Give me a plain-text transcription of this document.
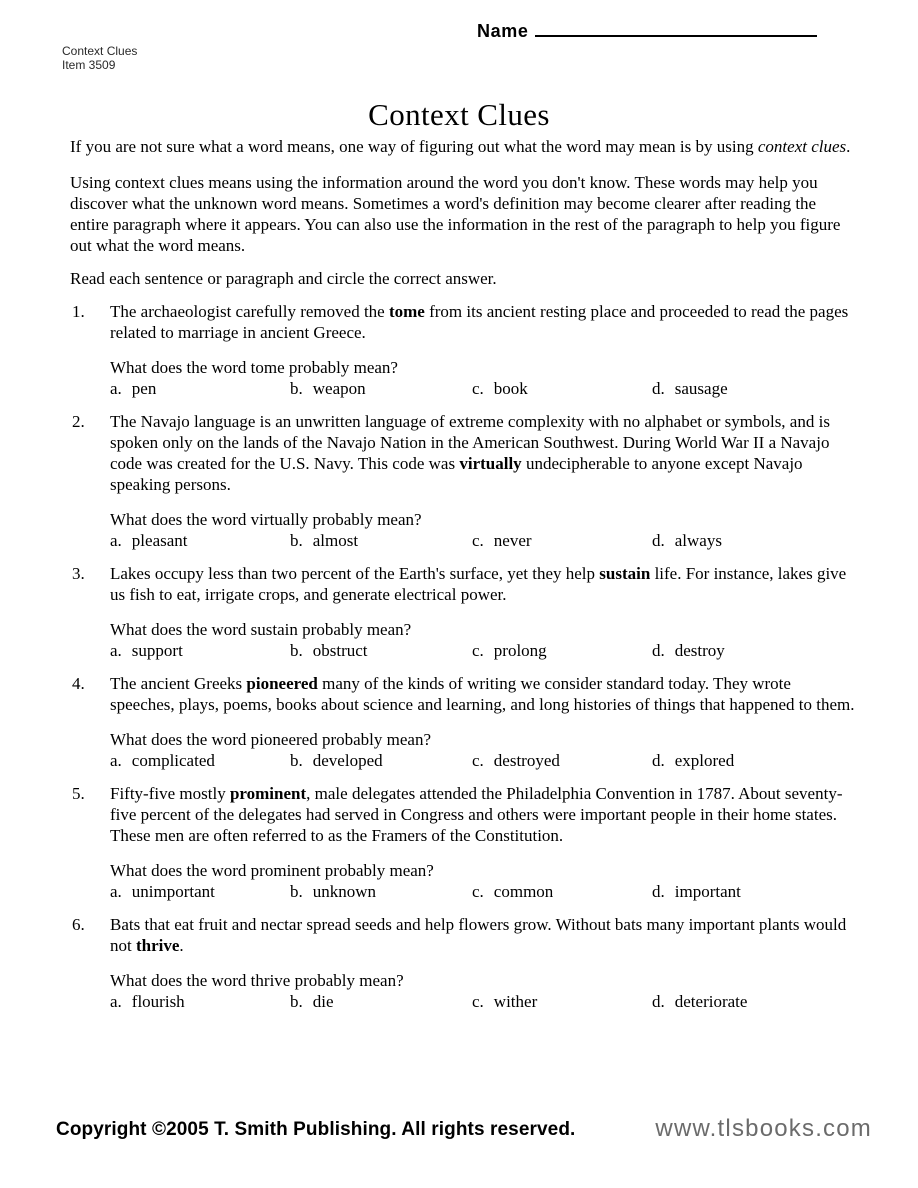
Context Clues
Item 3509
Name
Context Clues

If you are not sure what a word means, one way of figuring out what the word may mean is by using context clues.

Using context clues means using the information around the word you don't know. These words may help you discover what the unknown word means. Sometimes a word's definition may become clearer after reading the entire paragraph where it appears. You can also use the information in the rest of the paragraph to help you figure out what the word means.

Read each sentence or paragraph and circle the correct answer.

1. The archaeologist carefully removed the tome from its ancient resting place and proceeded to read the pages related to marriage in ancient Greece.

What does the word tome probably mean?
a. pen	b. weapon	c. book	d. sausage
2. The Navajo language is an unwritten language of extreme complexity with no alphabet or symbols, and is spoken only on the lands of the Navajo Nation in the American Southwest. During World War II a Navajo code was created for the U.S. Navy. This code was virtually undecipherable to anyone except Navajo speaking persons.

What does the word virtually probably mean?
a. pleasant	b. almost	c. never	d. always
3. Lakes occupy less than two percent of the Earth's surface, yet they help sustain life. For instance, lakes give us fish to eat, irrigate crops, and generate electrical power.

What does the word sustain probably mean?
a. support	b. obstruct	c. prolong	d. destroy
4. The ancient Greeks pioneered many of the kinds of writing we consider standard today. They wrote speeches, plays, poems, books about science and learning, and long histories of things that happened to them.

What does the word pioneered probably mean?
a. complicated	b. developed	c. destroyed	d. explored
5. Fifty-five mostly prominent, male delegates attended the Philadelphia Convention in 1787. About seventy-five percent of the delegates had served in Congress and others were important people in their home states. These men are often referred to as the Framers of the Constitution.

What does the word prominent probably mean?
a. unimportant	b. unknown	c. common	d. important
6. Bats that eat fruit and nectar spread seeds and help flowers grow. Without bats many important plants would not thrive.

What does the word thrive probably mean?
a. flourish	b. die	c. wither	d. deteriorate
Copyright ©2005 T. Smith Publishing. All rights reserved.	www.tlsbooks.com
